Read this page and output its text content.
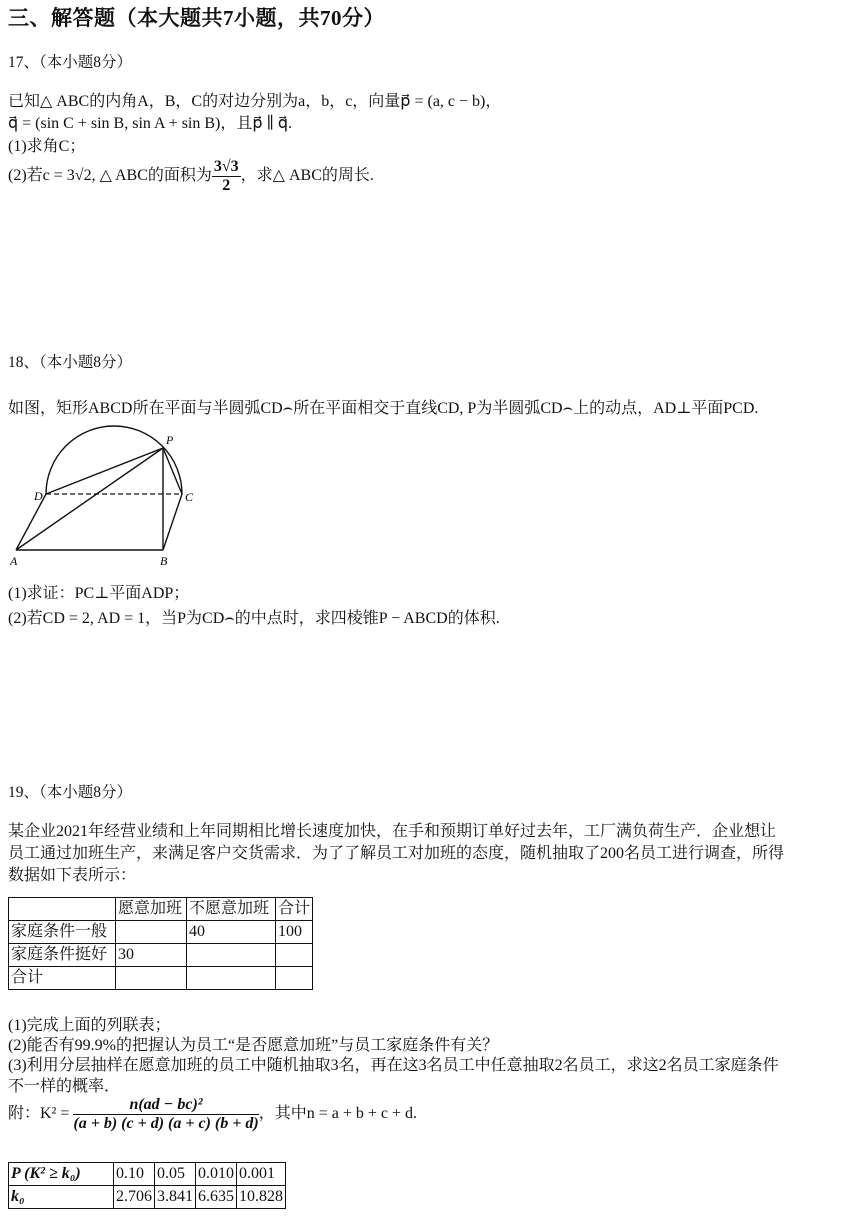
三、解答题（本大题共7小题，共70分）
17、（本小题8分）
已知△ ABC的内角A，B，C的对边分别为a，b，c，向量p⃗ = (a, c − b)，
q⃗ = (sin C + sin B, sin A + sin B)，且p⃗ ∥ q⃗.
(1)求角C；
(2)若c = 3√2, △ ABC的面积为 $\frac{3√3}{2}$ ，求△ ABC的周长.
18、（本小题8分）
如图，矩形ABCD所在平面与半圆弧CD⌢所在平面相交于直线CD, P为半圆弧CD⌢上的动点，AD⊥平面PCD.
P
D	C
A	B
(1)求证：PC⊥平面ADP；
(2)若CD = 2, AD = 1，当P为CD⌢的中点时，求四棱锥P − ABCD的体积.
19、（本小题8分）
某企业2021年经营业绩和上年同期相比增长速度加快，在手和预期订单好过去年，工厂满负荷生产．企业想让
员工通过加班生产，来满足客户交货需求．为了了解员工对加班的态度，随机抽取了200名员工进行调查，所得
数据如下表所示：
	愿意加班	不愿意加班	合计
家庭条件一般		40	100
家庭条件挺好	30		
合计			
(1)完成上面的列联表；
(2)能否有99.9%的把握认为员工“是否愿意加班”与员工家庭条件有关？
(3)利用分层抽样在愿意加班的员工中随机抽取3名，再在这3名员工中任意抽取2名员工，求这2名员工家庭条件
不一样的概率．
附：$K^2 = \frac{\text{n(ad − bc)²}}{(a + b) (c + d) (a + c) (b + d)}$ ，其中n = a + b + c + d.
P (K² ≥ k₀)	0.10	0.05	0.010	0.001
k₀	2.706	3.841	6.635	10.828
